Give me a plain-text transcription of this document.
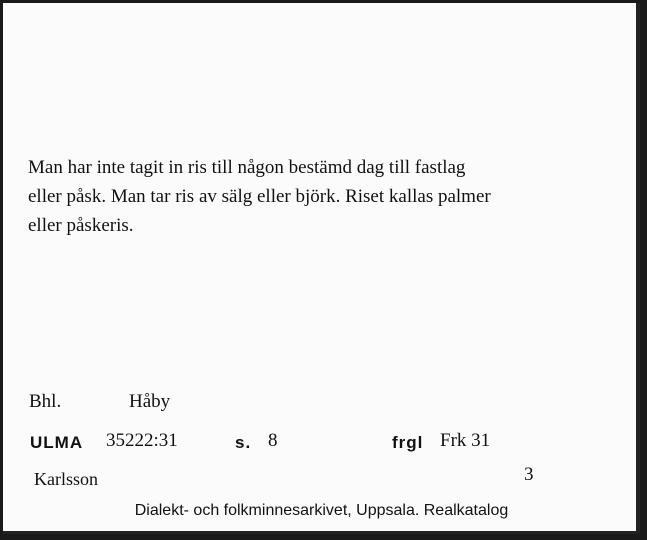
Man har inte tagit in ris till någon bestämd dag till fastlag
eller påsk. Man tar ris av sälg eller björk. Riset kallas palmer
eller påskeris.

Bhl.	Håby
ULMA 35222:31	s. 8	frgl Frk 31
Karlsson	3
Dialekt- och folkminnesarkivet, Uppsala. Realkatalog
